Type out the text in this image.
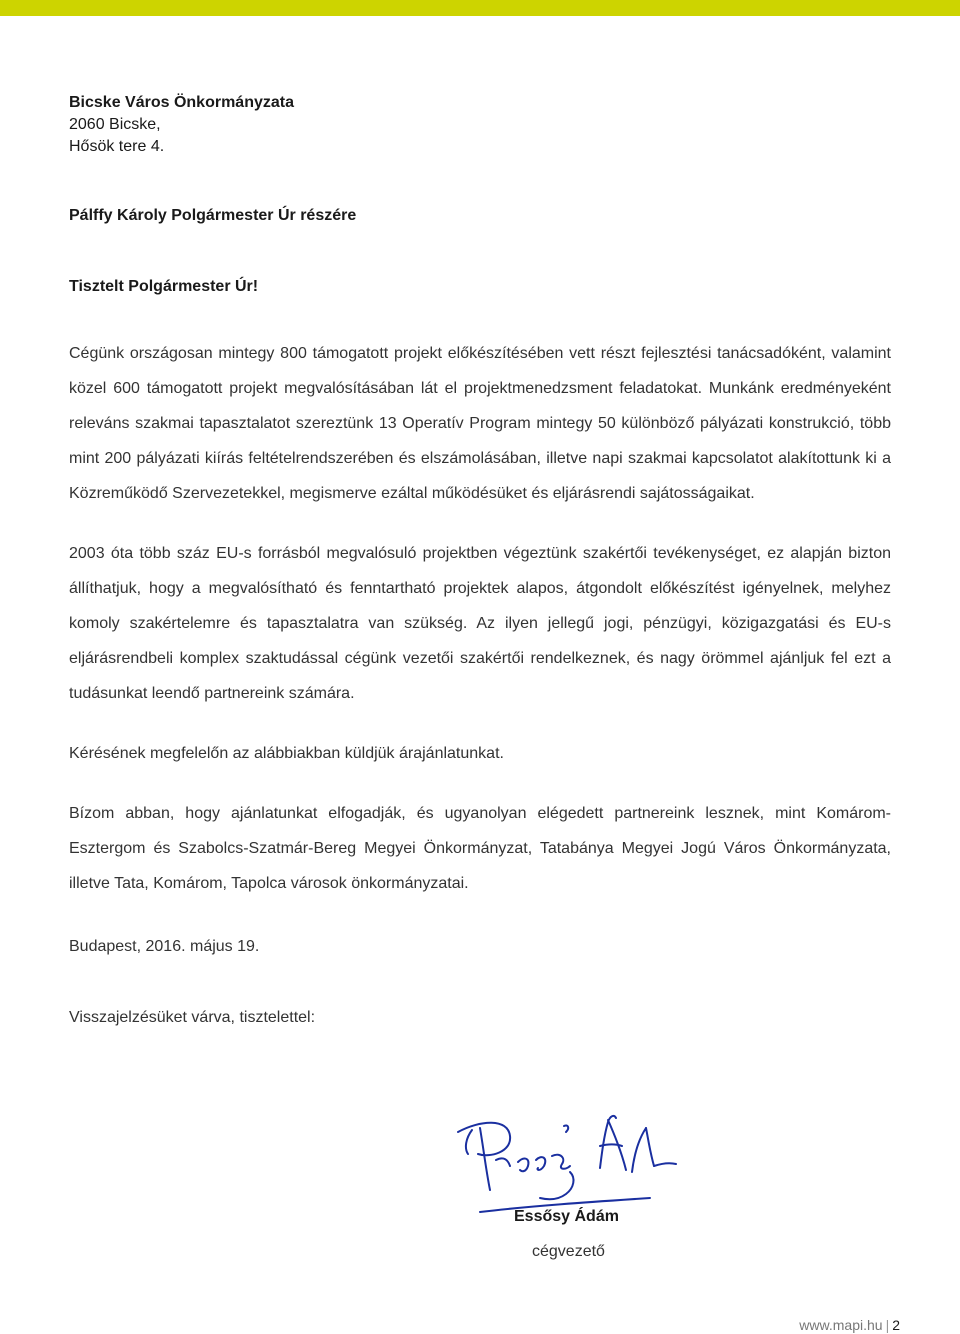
Bicske Város Önkormányzata
2060 Bicske,
Hősök tere 4.
Pálffy Károly Polgármester Úr részére
Tisztelt Polgármester Úr!

Cégünk országosan mintegy 800 támogatott projekt előkészítésében vett részt fejlesztési tanácsadóként, valamint közel 600 támogatott projekt megvalósításában lát el projektmenedzsment feladatokat. Munkánk eredményeként releváns szakmai tapasztalatot szereztünk 13 Operatív Program mintegy 50 különböző pályázati konstrukció, több mint 200 pályázati kiírás feltételrendszerében és elszámolásában, illetve napi szakmai kapcsolatot alakítottunk ki a Közreműködő Szervezetekkel, megismerve ezáltal működésüket és eljárásrendi sajátosságaikat.

2003 óta több száz EU-s forrásból megvalósuló projektben végeztünk szakértői tevékenységet, ez alapján bizton állíthatjuk, hogy a megvalósítható és fenntartható projektek alapos, átgondolt előkészítést igényelnek, melyhez komoly szakértelemre és tapasztalatra van szükség. Az ilyen jellegű jogi, pénzügyi, közigazgatási és EU-s eljárásrendbeli komplex szaktudással cégünk vezetői szakértői rendelkeznek, és nagy örömmel ajánljuk fel ezt a tudásunkat leendő partnereink számára.

Kérésének megfelelőn az alábbiakban küldjük árajánlatunkat.

Bízom abban, hogy ajánlatunkat elfogadják, és ugyanolyan elégedett partnereink lesznek, mint Komárom-Esztergom és Szabolcs-Szatmár-Bereg Megyei Önkormányzat, Tatabánya Megyei Jogú Város Önkormányzata, illetve Tata, Komárom, Tapolca városok önkormányzatai.

Budapest, 2016. május 19.
Visszajelzésüket várva, tisztelettel:
Essősy Ádám
cégvezető
www.mapi.hu | 2
